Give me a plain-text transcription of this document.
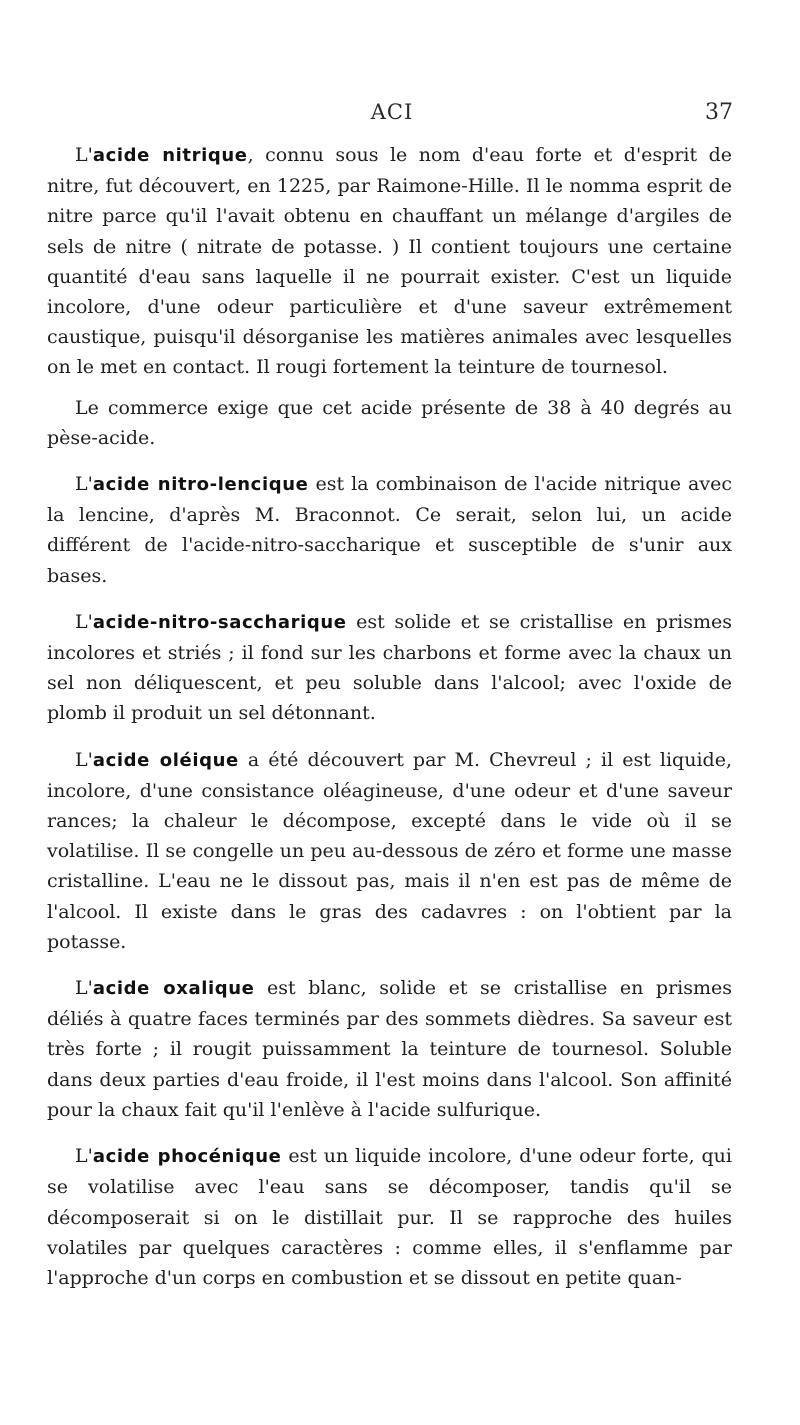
ACI	37

L'acide nitrique, connu sous le nom d'eau forte et d'esprit de nitre, fut découvert, en 1225, par Raimone-Hille. Il le nomma esprit de nitre parce qu'il l'avait obtenu en chauffant un mélange d'argiles de sels de nitre ( nitrate de potasse. ) Il contient toujours une certaine quantité d'eau sans laquelle il ne pourrait exister. C'est un liquide incolore, d'une odeur particulière et d'une saveur extrêmement caustique, puisqu'il désorganise les matières animales avec lesquelles on le met en contact. Il rougi fortement la teinture de tournesol.

Le commerce exige que cet acide présente de 38 à 40 degrés au pèse-acide.

L'acide nitro-lencique est la combinaison de l'acide nitrique avec la lencine, d'après M. Braconnot. Ce serait, selon lui, un acide différent de l'acide-nitro-saccharique et susceptible de s'unir aux bases.

L'acide-nitro-saccharique est solide et se cristallise en prismes incolores et striés ; il fond sur les charbons et forme avec la chaux un sel non déliquescent, et peu soluble dans l'alcool; avec l'oxide de plomb il produit un sel détonnant.

L'acide oléique a été découvert par M. Chevreul ; il est liquide, incolore, d'une consistance oléagineuse, d'une odeur et d'une saveur rances; la chaleur le décompose, excepté dans le vide où il se volatilise. Il se congelle un peu au-dessous de zéro et forme une masse cristalline. L'eau ne le dissout pas, mais il n'en est pas de même de l'alcool. Il existe dans le gras des cadavres : on l'obtient par la potasse.

L'acide oxalique est blanc, solide et se cristallise en prismes déliés à quatre faces terminés par des sommets dièdres. Sa saveur est très forte ; il rougit puissamment la teinture de tournesol. Soluble dans deux parties d'eau froide, il l'est moins dans l'alcool. Son affinité pour la chaux fait qu'il l'enlève à l'acide sulfurique.

L'acide phocénique est un liquide incolore, d'une odeur forte, qui se volatilise avec l'eau sans se décomposer, tandis qu'il se décomposerait si on le distillait pur. Il se rapproche des huiles volatiles par quelques caractères : comme elles, il s'enflamme par l'approche d'un corps en combustion et se dissout en petite quan-
